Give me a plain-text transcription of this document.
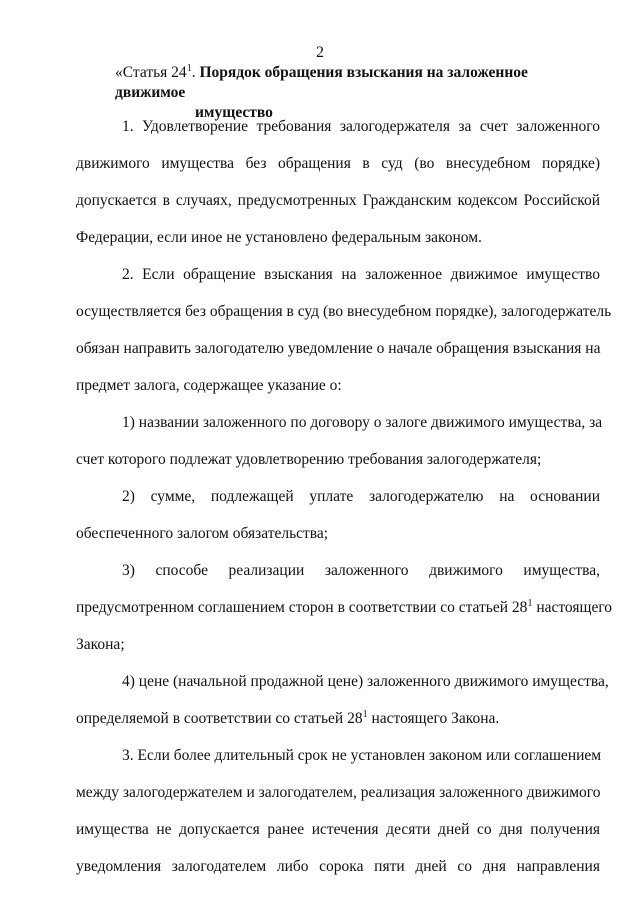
2
«Статья $24^1$. Порядок обращения взыскания на заложенное движимое
имущество
1. Удовлетворение требования залогодержателя за счет заложенного
движимого имущества без обращения в суд (во внесудебном порядке)
допускается в случаях, предусмотренных Гражданским кодексом Российской
Федерации, если иное не установлено федеральным законом.
2. Если обращение взыскания на заложенное движимое имущество
осуществляется без обращения в суд (во внесудебном порядке), залогодержатель
обязан направить залогодателю уведомление о начале обращения взыскания на
предмет залога, содержащее указание о:
1) названии заложенного по договору о залоге движимого имущества, за
счет которого подлежат удовлетворению требования залогодержателя;
2) сумме, подлежащей уплате залогодержателю на основании
обеспеченного залогом обязательства;
3) способе реализации заложенного движимого имущества,
предусмотренном соглашением сторон в соответствии со статьей $28^1$ настоящего
Закона;
4) цене (начальной продажной цене) заложенного движимого имущества,
определяемой в соответствии со статьей $28^1$ настоящего Закона.
3. Если более длительный срок не установлен законом или соглашением
между залогодержателем и залогодателем, реализация заложенного движимого
имущества не допускается ранее истечения десяти дней со дня получения
уведомления залогодателем либо сорока пяти дней со дня направления
